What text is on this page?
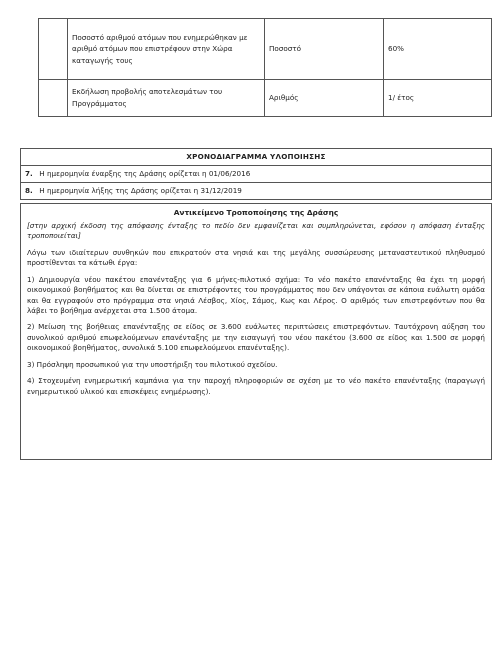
	Ποσοστό αριθμού ατόμων που ενημερώθηκαν με αριθμό ατόμων που επιστρέφουν στην Χώρα καταγωγής τους	Ποσοστό	60%
	Εκδήλωση προβολής αποτελεσμάτων του Προγράμματος	Αριθμός	1/ έτος
ΧΡΟΝΟΔΙΑΓΡΑΜΜΑ ΥΛΟΠΟΙΗΣΗΣ
7. Η ημερομηνία έναρξης της Δράσης ορίζεται η 01/06/2016
8. Η ημερομηνία λήξης της Δράσης ορίζεται η 31/12/2019
Αντικείμενο Τροποποίησης της Δράσης

[στην αρχική έκδοση της απόφασης ένταξης το πεδίο δεν εμφανίζεται και συμπληρώνεται, εφόσον η απόφαση ένταξης τροποποιείται]

Λόγω των ιδιαίτερων συνθηκών που επικρατούν στα νησιά και της μεγάλης συσσώρευσης μεταναστευτικού πληθυσμού προστίθενται τα κάτωθι έργα:

1) Δημιουργία νέου πακέτου επανένταξης για 6 μήνες-πιλοτικό σχήμα: Το νέο πακέτο επανένταξης θα έχει τη μορφή οικονομικού βοηθήματος και θα δίνεται σε επιστρέφοντες του προγράμματος που δεν υπάγονται σε κάποια ευάλωτη ομάδα και θα εγγραφούν στο πρόγραμμα στα νησιά Λέσβος, Χίος, Σάμος, Κως και Λέρος. Ο αριθμός των επιστρεφόντων που θα λάβει το βοήθημα ανέρχεται στα 1.500 άτομα.

2) Μείωση της βοήθειας επανένταξης σε είδος σε 3.600 ευάλωτες περιπτώσεις επιστρεφόντων. Ταυτόχρονη αύξηση του συνολικού αριθμού επωφελούμενων επανένταξης με την εισαγωγή του νέου πακέτου (3.600 σε είδος και 1.500 σε μορφή οικονομικού βοηθήματος, συνολικά 5.100 επωφελούμενοι επανένταξης).

3) Πρόσληψη προσωπικού για την υποστήριξη του πιλοτικού σχεδίου.

4) Στοχευμένη ενημερωτική καμπάνια για την παροχή πληροφοριών σε σχέση με το νέο πακέτο επανένταξης (παραγωγή ενημερωτικού υλικού και επισκέψεις ενημέρωσης).
